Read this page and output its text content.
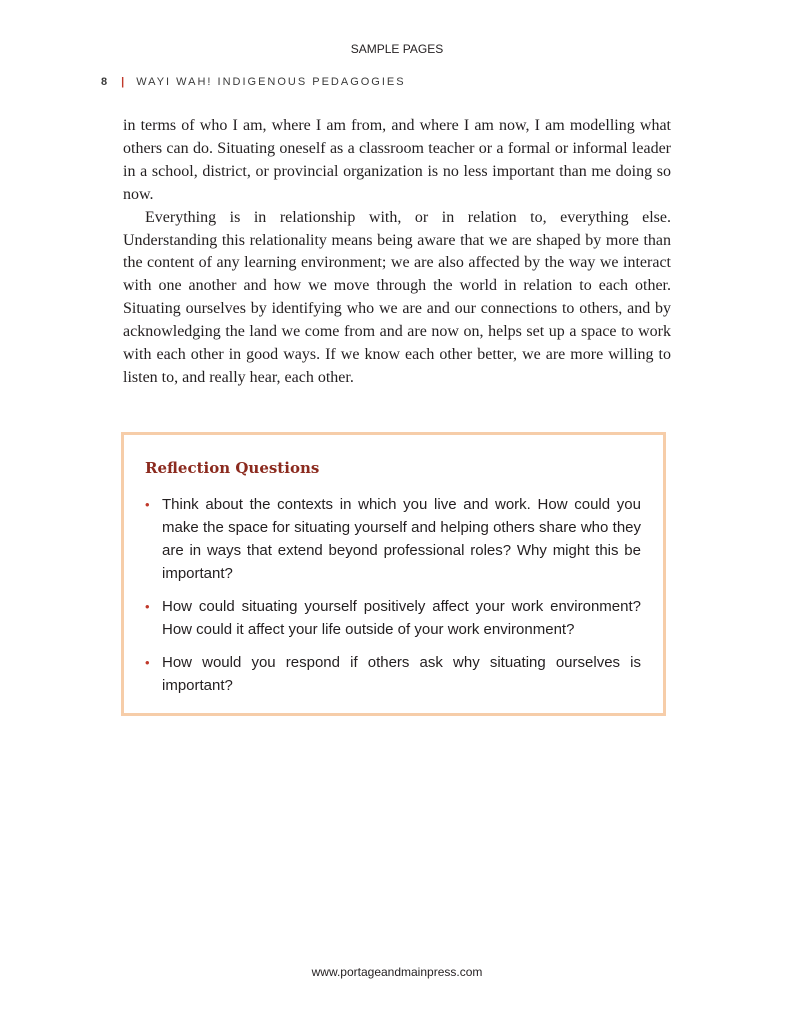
SAMPLE PAGES
8 | WAYI WAH! INDIGENOUS PEDAGOGIES

in terms of who I am, where I am from, and where I am now, I am modelling what others can do. Situating oneself as a classroom teacher or a formal or informal leader in a school, district, or provincial organization is no less important than me doing so now.

Everything is in relationship with, or in relation to, everything else. Understanding this relationality means being aware that we are shaped by more than the content of any learning environment; we are also affected by the way we interact with one another and how we move through the world in relation to each other. Situating ourselves by identifying who we are and our connections to others, and by acknowledging the land we come from and are now on, helps set up a space to work with each other in good ways. If we know each other better, we are more willing to listen to, and really hear, each other.

Reflection Questions
• Think about the contexts in which you live and work. How could you make the space for situating yourself and helping others share who they are in ways that extend beyond professional roles? Why might this be important?
• How could situating yourself positively affect your work environment? How could it affect your life outside of your work environment?
• How would you respond if others ask why situating ourselves is important?
www.portageandmainpress.com
